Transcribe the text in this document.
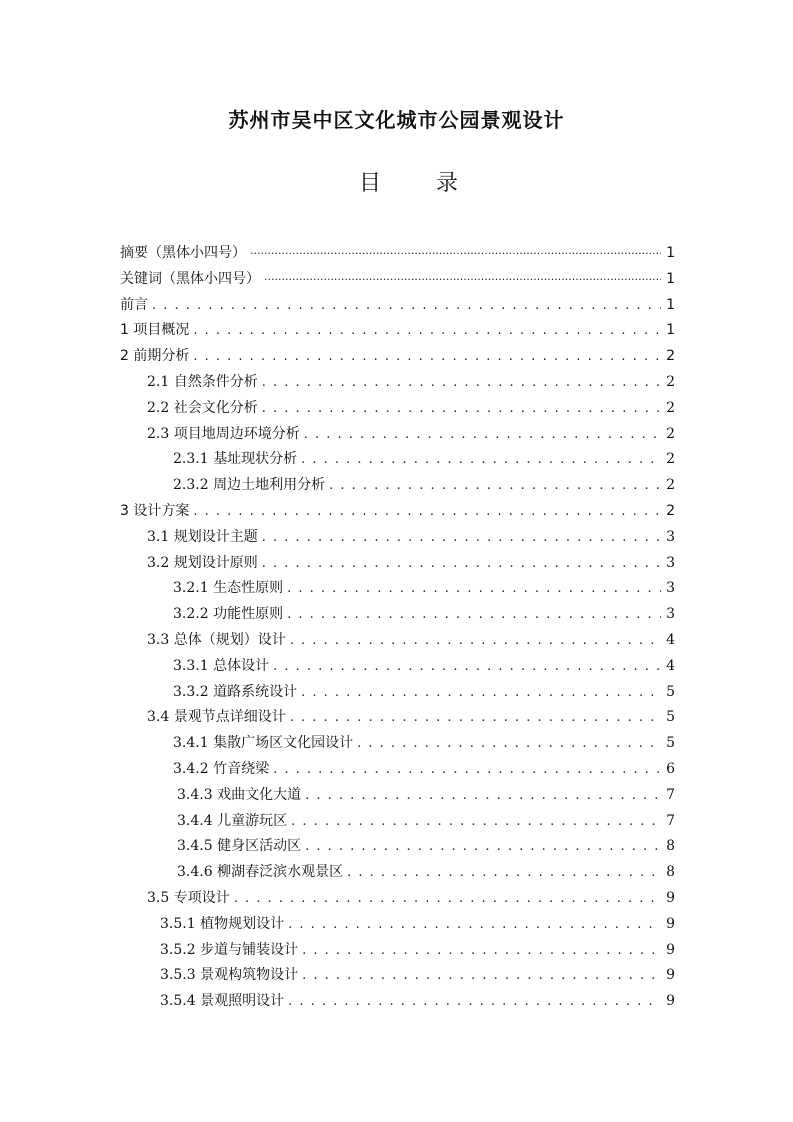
苏州市吴中区文化城市公园景观设计
目 录
摘要（黑体小四号） ·····	1
关键词（黑体小四号） ·····	1
前言 . . .	1
1 项目概况 . . .	1
2 前期分析 . . .	2
2.1 自然条件分析 . . .	2
2.2 社会文化分析 . . .	2
2.3 项目地周边环境分析 . . .	2
2.3.1 基址现状分析 . . .	2
2.3.2 周边土地利用分析 . . .	2
3 设计方案 . . .	2
3.1 规划设计主题 . . .	3
3.2 规划设计原则 . . .	3
3.2.1 生态性原则 . . .	3
3.2.2 功能性原则 . . .	3
3.3 总体（规划）设计 . . .	4
3.3.1 总体设计 . . .	4
3.3.2 道路系统设计 . . .	5
3.4 景观节点详细设计 . . .	5
3.4.1 集散广场区文化园设计 . . .	5
3.4.2 竹音绕梁 . . .	6
3.4.3 戏曲文化大道 . . .	7
3.4.4 儿童游玩区 . . .	7
3.4.5 健身区活动区 . . .	8
3.4.6 柳湖春泛滨水观景区 . . .	8
3.5 专项设计 . . .	9
3.5.1 植物规划设计 . . .	9
3.5.2 步道与铺装设计 . . .	9
3.5.3 景观构筑物设计 . . .	9
3.5.4 景观照明设计 . . .	9
